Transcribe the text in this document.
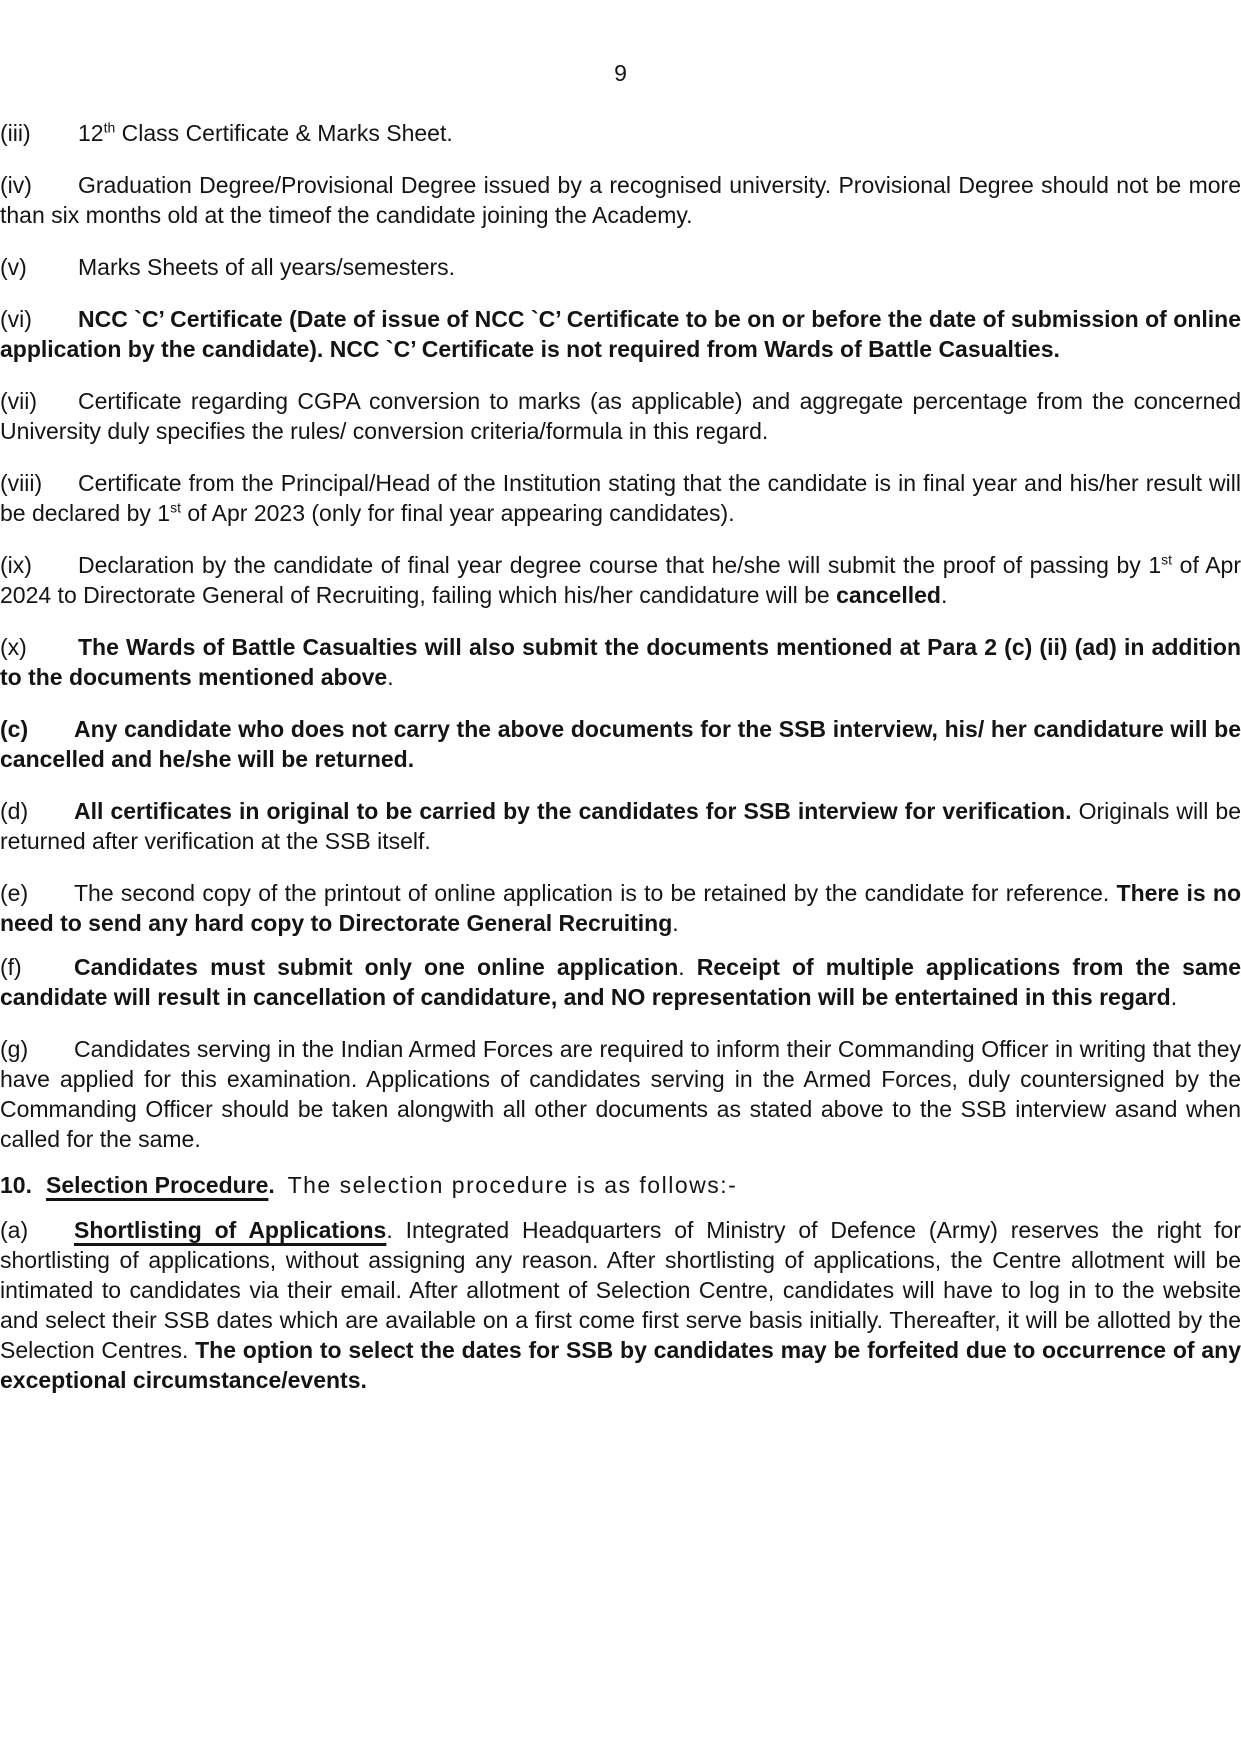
9

(iii) 12th Class Certificate & Marks Sheet.

(iv) Graduation Degree/Provisional Degree issued by a recognised university. Provisional Degree should not be more than six months old at the timeof the candidate joining the Academy.

(v) Marks Sheets of all years/semesters.

(vi) NCC `C’ Certificate (Date of issue of NCC `C’ Certificate to be on or before the date of submission of online application by the candidate). NCC `C’ Certificate is not required from Wards of Battle Casualties.

(vii) Certificate regarding CGPA conversion to marks (as applicable) and aggregate percentage from the concerned University duly specifies the rules/ conversion criteria/formula in this regard.

(viii) Certificate from the Principal/Head of the Institution stating that the candidate is in final year and his/her result will be declared by 1st of Apr 2023 (only for final year appearing candidates).

(ix) Declaration by the candidate of final year degree course that he/she will submit the proof of passing by 1st of Apr 2024 to Directorate General of Recruiting, failing which his/her candidature will be cancelled.

(x) The Wards of Battle Casualties will also submit the documents mentioned at Para 2 (c) (ii) (ad) in addition to the documents mentioned above.

(c) Any candidate who does not carry the above documents for the SSB interview, his/ her candidature will be cancelled and he/she will be returned.

(d) All certificates in original to be carried by the candidates for SSB interview for verification. Originals will be returned after verification at the SSB itself.

(e) The second copy of the printout of online application is to be retained by the candidate for reference. There is no need to send any hard copy to Directorate General Recruiting.

(f) Candidates must submit only one online application. Receipt of multiple applications from the same candidate will result in cancellation of candidature, and NO representation will be entertained in this regard.

(g) Candidates serving in the Indian Armed Forces are required to inform their Commanding Officer in writing that they have applied for this examination. Applications of candidates serving in the Armed Forces, duly countersigned by the Commanding Officer should be taken alongwith all other documents as stated above to the SSB interview asand when called for the same.

10. Selection Procedure. The selection procedure is as follows:-

(a) Shortlisting of Applications. Integrated Headquarters of Ministry of Defence (Army) reserves the right for shortlisting of applications, without assigning any reason. After shortlisting of applications, the Centre allotment will be intimated to candidates via their email. After allotment of Selection Centre, candidates will have to log in to the website and select their SSB dates which are available on a first come first serve basis initially. Thereafter, it will be allotted by the Selection Centres. The option to select the dates for SSB by candidates may be forfeited due to occurrence of any exceptional circumstance/events.
